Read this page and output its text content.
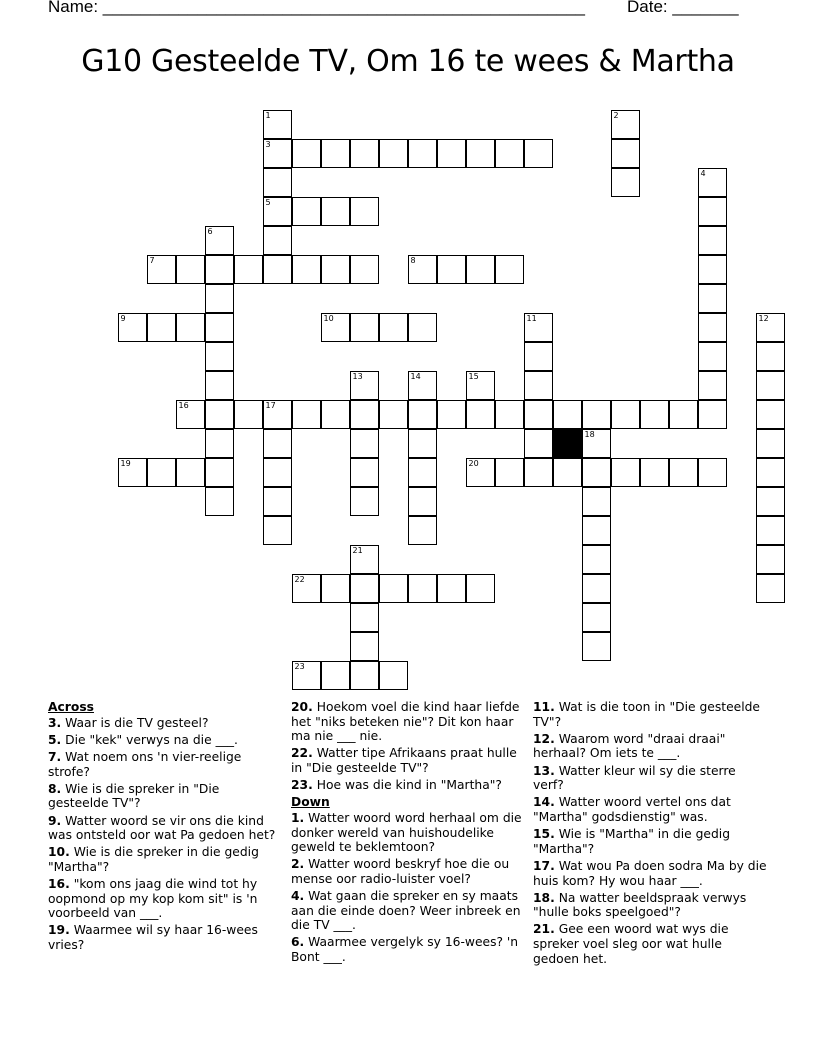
Name: ___________________________________________________ Date: _______
G10 Gesteelde TV, Om 16 te wees & Martha
1	2
3
4
5
6
7	8
9	10	11	12
13	14	15
16	17
18
19	20
21
22
23
Across
3. Waar is die TV gesteel?
5. Die "kek" verwys na die ___.
7. Wat noem ons 'n vier-reelige strofe?
8. Wie is die spreker in "Die gesteelde TV"?
9. Watter woord se vir ons die kind was ontsteld oor wat Pa gedoen het?
10. Wie is die spreker in die gedig "Martha"?
16. "kom ons jaag die wind tot hy oopmond op my kop kom sit" is 'n voorbeeld van ___.
19. Waarmee wil sy haar 16-wees vries?
20. Hoekom voel die kind haar liefde het "niks beteken nie"? Dit kon haar ma nie ___ nie.
22. Watter tipe Afrikaans praat hulle in "Die gesteelde TV"?
23. Hoe was die kind in "Martha"?
Down
1. Watter woord word herhaal om die donker wereld van huishoudelike geweld te beklemtoon?
2. Watter woord beskryf hoe die ou mense oor radio-luister voel?
4. Wat gaan die spreker en sy maats aan die einde doen? Weer inbreek en die TV ___.
6. Waarmee vergelyk sy 16-wees? 'n Bont ___.
11. Wat is die toon in "Die gesteelde TV"?
12. Waarom word "draai draai" herhaal? Om iets te ___.
13. Watter kleur wil sy die sterre verf?
14. Watter woord vertel ons dat "Martha" godsdienstig" was.
15. Wie is "Martha" in die gedig "Martha"?
17. Wat wou Pa doen sodra Ma by die huis kom? Hy wou haar ___.
18. Na watter beeldspraak verwys "hulle boks speelgoed"?
21. Gee een woord wat wys die spreker voel sleg oor wat hulle gedoen het.
